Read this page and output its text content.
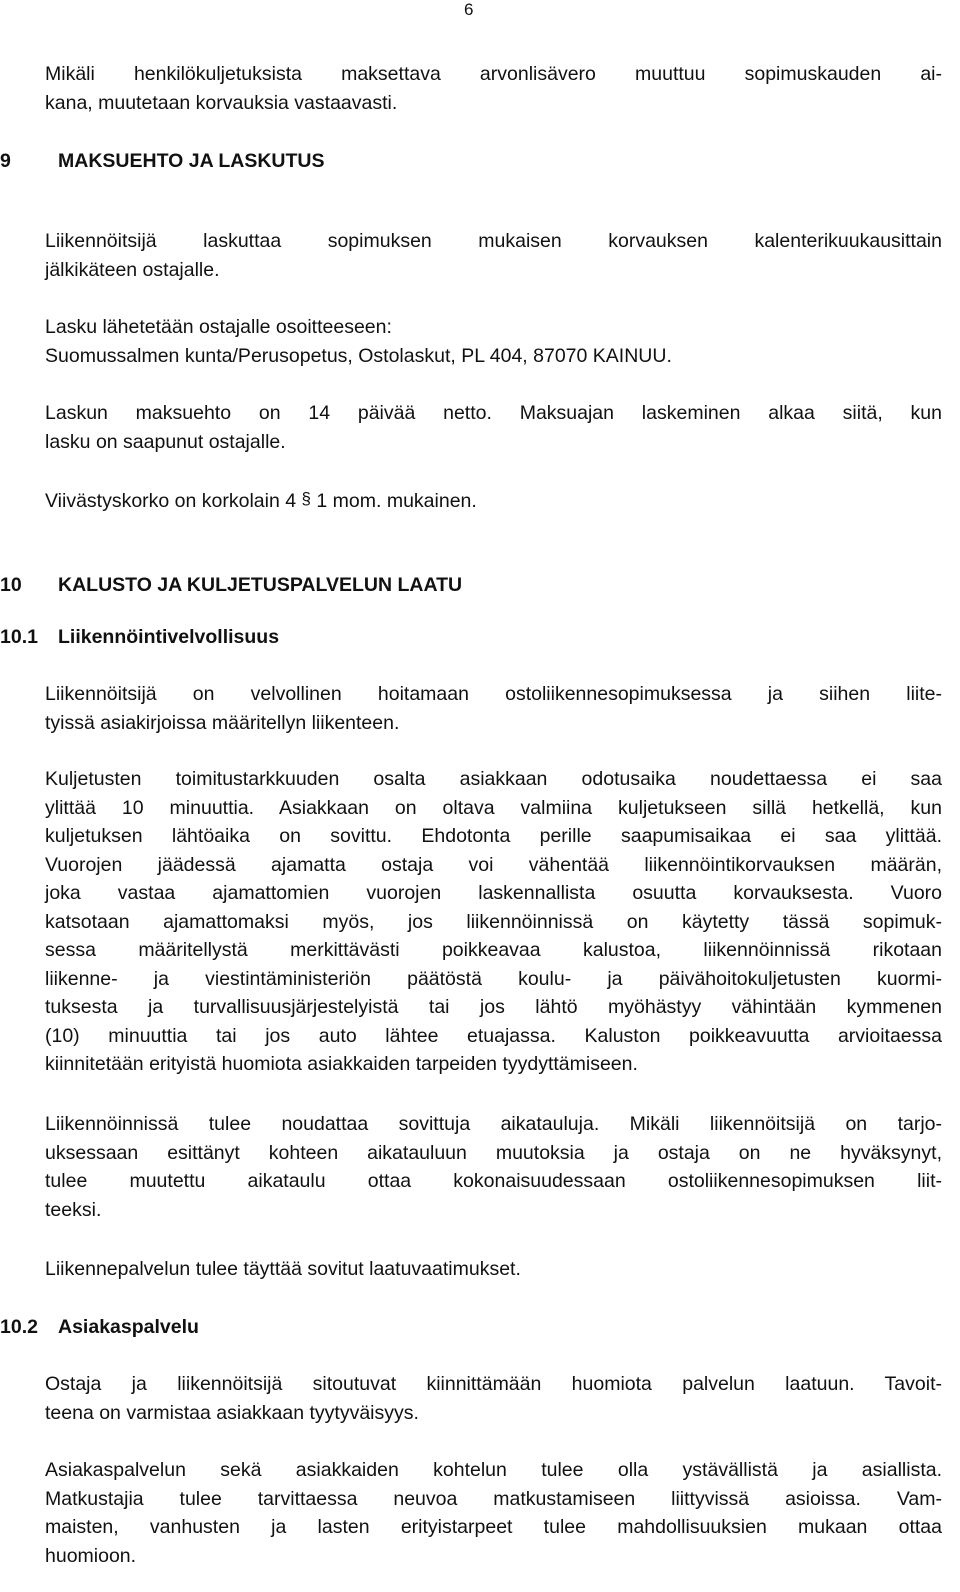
6
Mikäli henkilökuljetuksista maksettava arvonlisävero muuttuu sopimuskauden ai-
kana, muutetaan korvauksia vastaavasti.
9 MAKSUEHTO JA LASKUTUS
Liikennöitsijä laskuttaa sopimuksen mukaisen korvauksen kalenterikuukausittain
jälkikäteen ostajalle.
Lasku lähetetään ostajalle osoitteeseen:
Suomussalmen kunta/Perusopetus, Ostolaskut, PL 404, 87070 KAINUU.
Laskun maksuehto on 14 päivää netto. Maksuajan laskeminen alkaa siitä, kun
lasku on saapunut ostajalle.
Viivästyskorko on korkolain 4 § 1 mom. mukainen.
10 KALUSTO JA KULJETUSPALVELUN LAATU
10.1 Liikennöintivelvollisuus
Liikennöitsijä on velvollinen hoitamaan ostoliikennesopimuksessa ja siihen liite-
tyissä asiakirjoissa määritellyn liikenteen.
Kuljetusten toimitustarkkuuden osalta asiakkaan odotusaika noudettaessa ei saa
ylittää 10 minuuttia. Asiakkaan on oltava valmiina kuljetukseen sillä hetkellä, kun
kuljetuksen lähtöaika on sovittu. Ehdotonta perille saapumisaikaa ei saa ylittää.
Vuorojen jäädessä ajamatta ostaja voi vähentää liikennöintikorvauksen määrän,
joka vastaa ajamattomien vuorojen laskennallista osuutta korvauksesta. Vuoro
katsotaan ajamattomaksi myös, jos liikennöinnissä on käytetty tässä sopimuk-
sessa määritellystä merkittävästi poikkeavaa kalustoa, liikennöinnissä rikotaan
liikenne- ja viestintäministeriön päätöstä koulu- ja päivähoitokuljetusten kuormi-
tuksesta ja turvallisuusjärjestelyistä tai jos lähtö myöhästyy vähintään kymmenen
(10) minuuttia tai jos auto lähtee etuajassa. Kaluston poikkeavuutta arvioitaessa
kiinnitetään erityistä huomiota asiakkaiden tarpeiden tyydyttämiseen.
Liikennöinnissä tulee noudattaa sovittuja aikatauluja. Mikäli liikennöitsijä on tarjo-
uksessaan esittänyt kohteen aikatauluun muutoksia ja ostaja on ne hyväksynyt,
tulee muutettu aikataulu ottaa kokonaisuudessaan ostoliikennesopimuksen liit-
teeksi.
Liikennepalvelun tulee täyttää sovitut laatuvaatimukset.
10.2 Asiakaspalvelu
Ostaja ja liikennöitsijä sitoutuvat kiinnittämään huomiota palvelun laatuun. Tavoit-
teena on varmistaa asiakkaan tyytyväisyys.
Asiakaspalvelun sekä asiakkaiden kohtelun tulee olla ystävällistä ja asiallista.
Matkustajia tulee tarvittaessa neuvoa matkustamiseen liittyvissä asioissa. Vam-
maisten, vanhusten ja lasten erityistarpeet tulee mahdollisuuksien mukaan ottaa
huomioon.
